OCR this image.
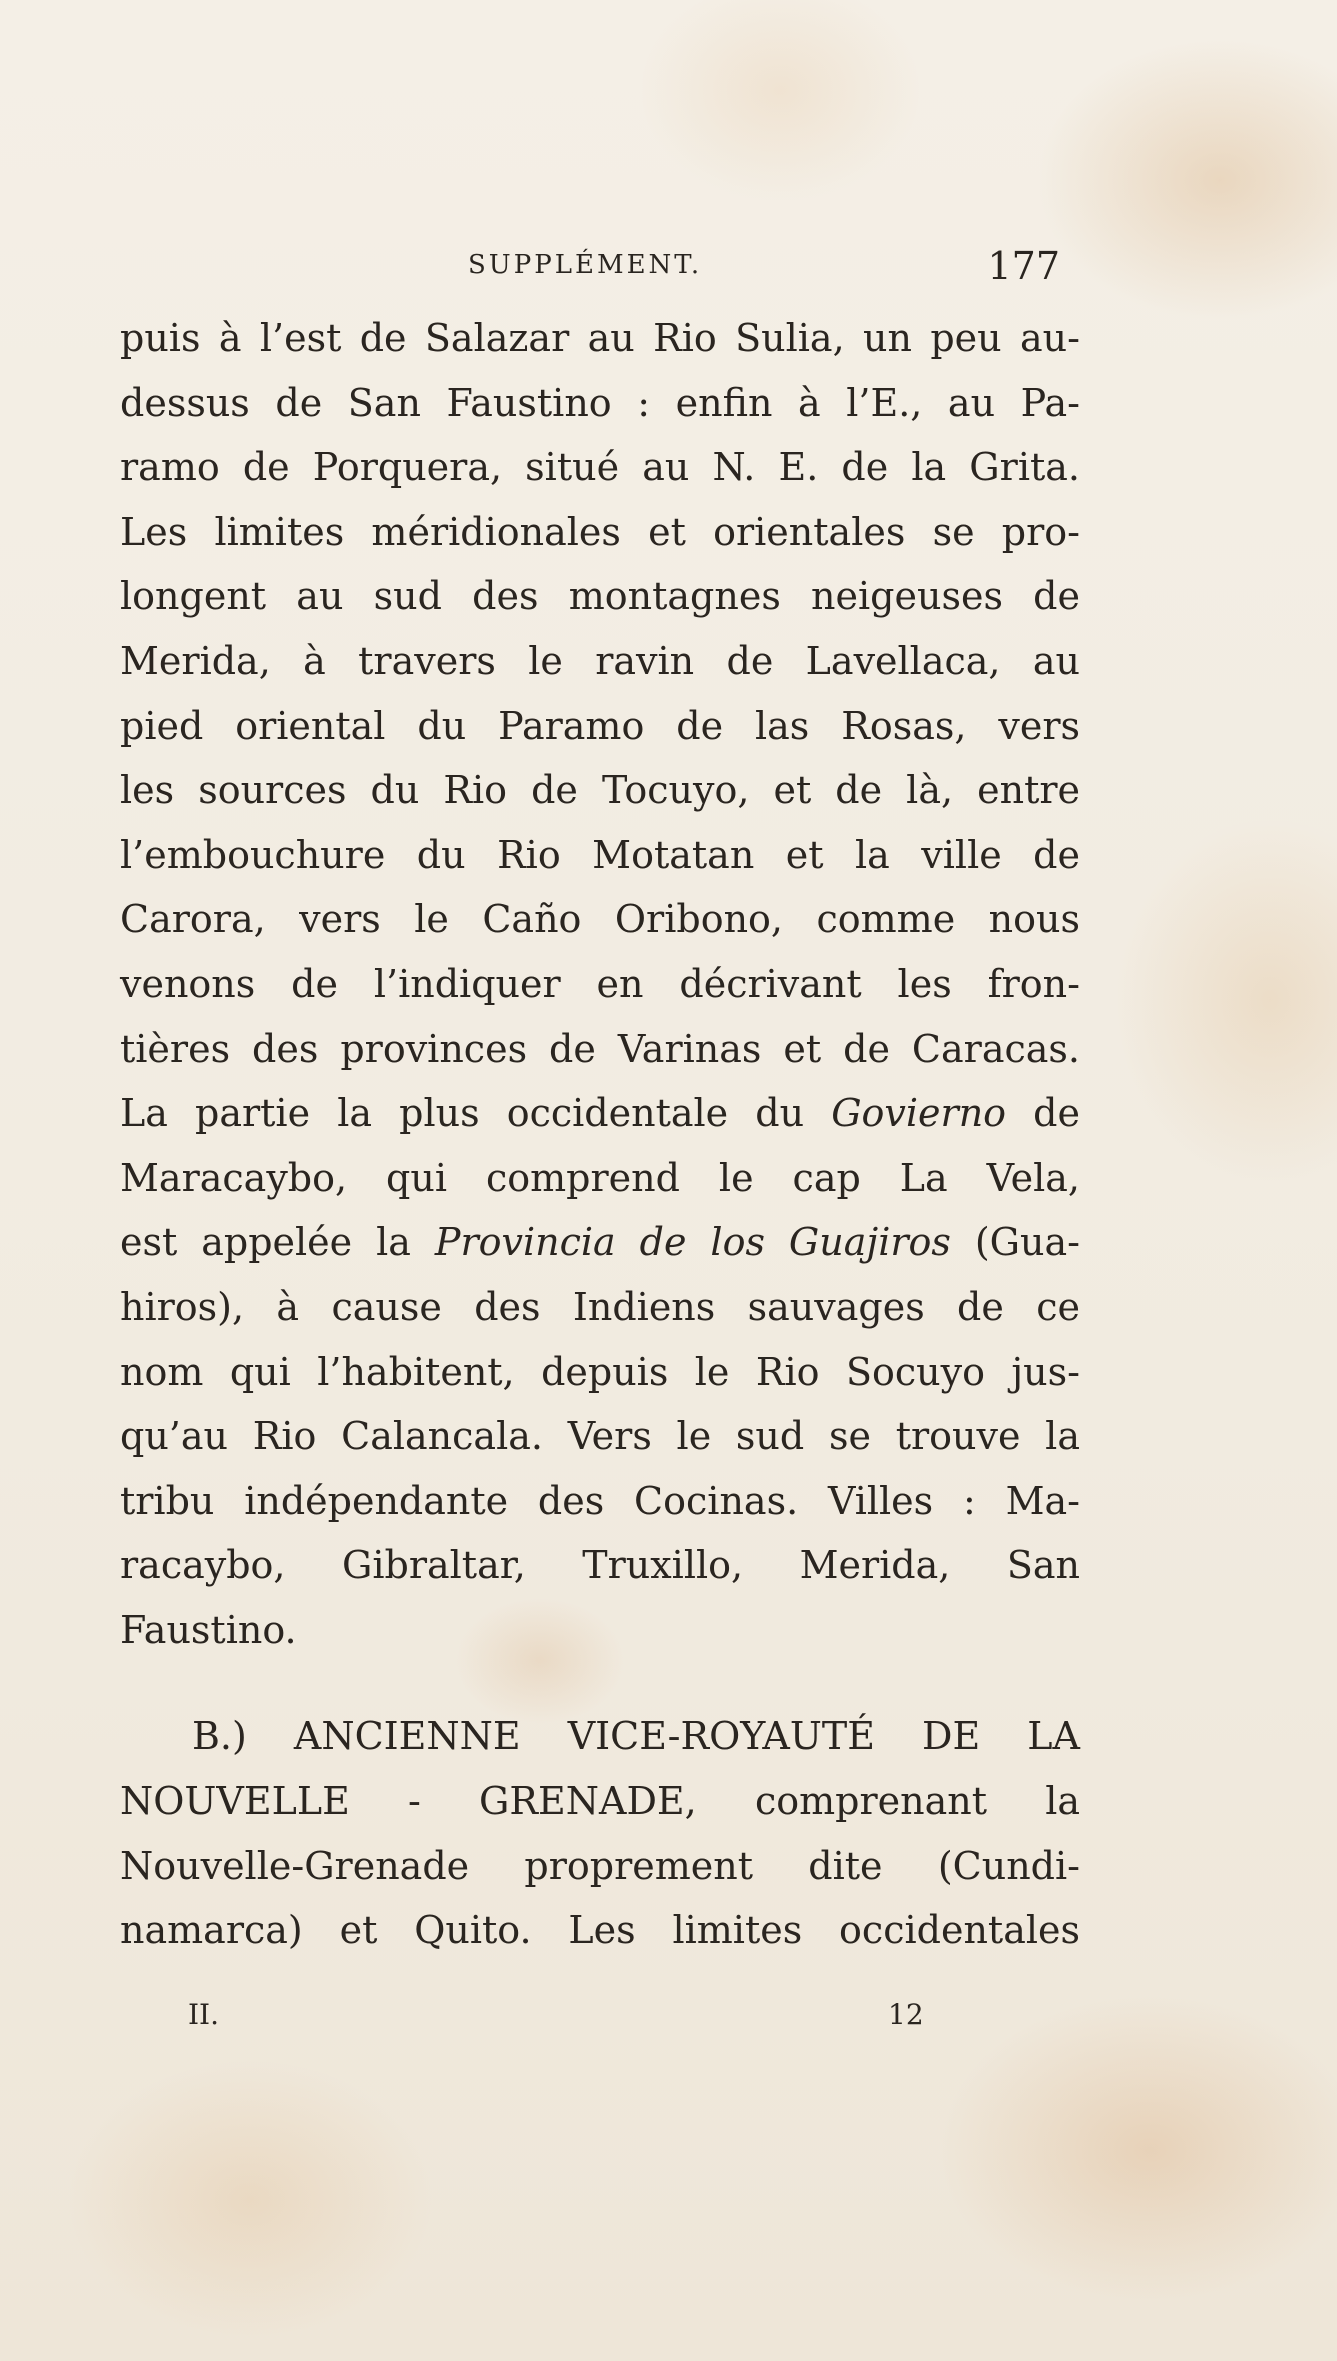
SUPPLÉMENT.	177
puis à l’est de Salazar au Rio Sulia, un peu au-
dessus de San Faustino : enfin à l’E., au Pa-
ramo de Porquera, situé au N. E. de la Grita.
Les limites méridionales et orientales se pro-
longent au sud des montagnes neigeuses de
Merida, à travers le ravin de Lavellaca, au
pied oriental du Paramo de las Rosas, vers
les sources du Rio de Tocuyo, et de là, entre
l’embouchure du Rio Motatan et la ville de
Carora, vers le Caño Oribono, comme nous
venons de l’indiquer en décrivant les fron-
tières des provinces de Varinas et de Caracas.
La partie la plus occidentale du Govierno de
Maracaybo, qui comprend le cap La Vela,
est appelée la Provincia de los Guajiros (Gua-
hiros), à cause des Indiens sauvages de ce
nom qui l’habitent, depuis le Rio Socuyo jus-
qu’au Rio Calancala. Vers le sud se trouve la
tribu indépendante des Cocinas. Villes : Ma-
racaybo, Gibraltar, Truxillo, Merida, San
Faustino.
B.) ANCIENNE VICE-ROYAUTÉ DE LA
NOUVELLE - GRENADE, comprenant la
Nouvelle-Grenade proprement dite (Cundi-
namarca) et Quito. Les limites occidentales
II.	12
